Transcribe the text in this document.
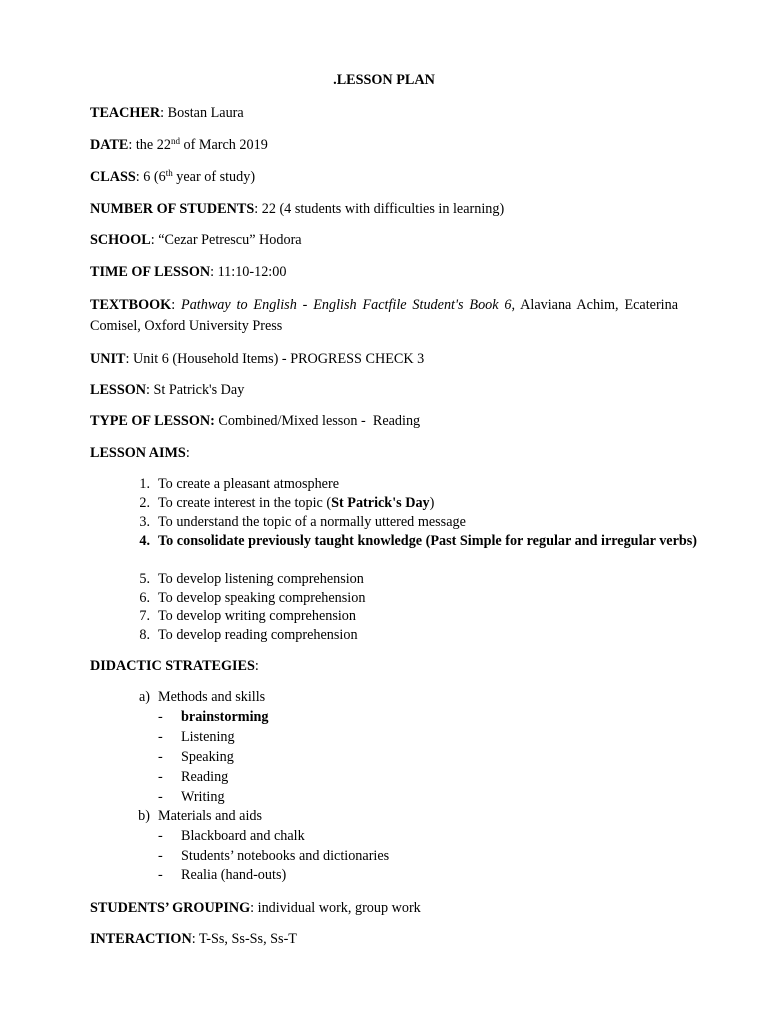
.LESSON PLAN
TEACHER: Bostan Laura
DATE: the 22nd of March 2019
CLASS: 6 (6th year of study)
NUMBER OF STUDENTS: 22 (4 students with difficulties in learning)
SCHOOL: “Cezar Petrescu” Hodora
TIME OF LESSON: 11:10-12:00
TEXTBOOK: Pathway to English - English Factfile Student's Book 6, Alaviana Achim, Ecaterina Comisel, Oxford University Press
UNIT: Unit 6 (Household Items) - PROGRESS CHECK 3
LESSON: St Patrick's Day
TYPE OF LESSON: Combined/Mixed lesson -  Reading
LESSON AIMS:
1. To create a pleasant atmosphere
2. To create interest in the topic (St Patrick's Day)
3. To understand the topic of a normally uttered message
4. To consolidate previously taught knowledge (Past Simple for regular and irregular verbs)
5. To develop listening comprehension
6. To develop speaking comprehension
7. To develop writing comprehension
8. To develop reading comprehension
DIDACTIC STRATEGIES:
a) Methods and skills
- brainstorming
- Listening
- Speaking
- Reading
- Writing
b) Materials and aids
- Blackboard and chalk
- Students’ notebooks and dictionaries
- Realia (hand-outs)
STUDENTS’ GROUPING: individual work, group work
INTERACTION: T-Ss, Ss-Ss, Ss-T
